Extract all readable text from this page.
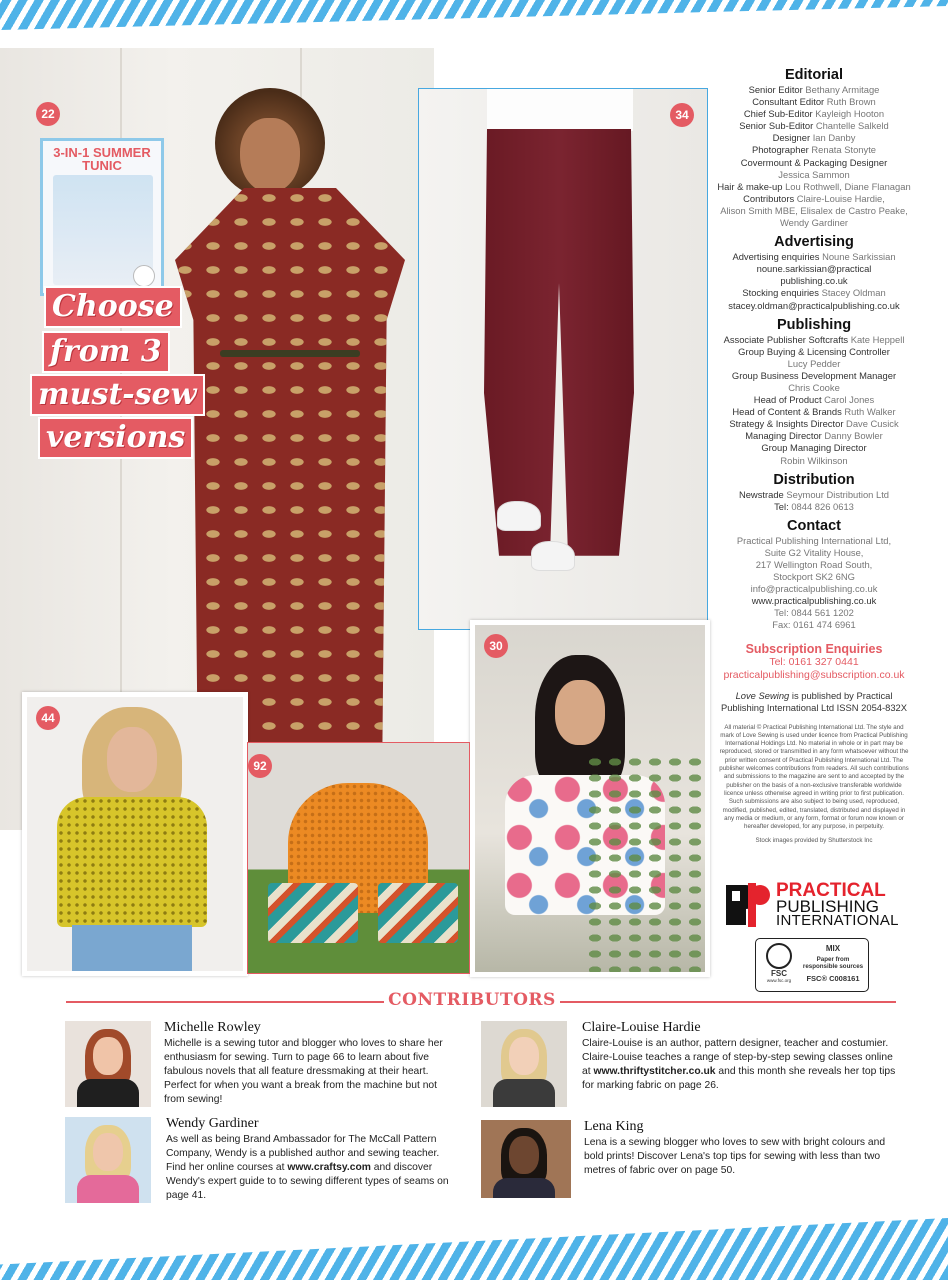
22
3-IN-1 SUMMER
TUNIC
Choose
from 3
must-sew
versions
34
30
44
92
Editorial
Senior Editor Bethany Armitage
Consultant Editor Ruth Brown
Chief Sub-Editor Kayleigh Hooton
Senior Sub-Editor Chantelle Salkeld
Designer Ian Danby
Photographer Renata Stonyte
Covermount & Packaging Designer
Jessica Sammon
Hair & make-up Lou Rothwell, Diane Flanagan
Contributors Claire-Louise Hardie,
Alison Smith MBE, Elisalex de Castro Peake,
Wendy Gardiner
Advertising
Advertising enquiries Noune Sarkissian
noune.sarkissian@practical
publishing.co.uk
Stocking enquiries Stacey Oldman
stacey.oldman@practicalpublishing.co.uk
Publishing
Associate Publisher Softcrafts Kate Heppell
Group Buying & Licensing Controller
Lucy Pedder
Group Business Development Manager
Chris Cooke
Head of Product Carol Jones
Head of Content & Brands Ruth Walker
Strategy & Insights Director Dave Cusick
Managing Director Danny Bowler
Group Managing Director
Robin Wilkinson
Distribution
Newstrade Seymour Distribution Ltd
Tel: 0844 826 0613
Contact
Practical Publishing International Ltd,
Suite G2 Vitality House,
217 Wellington Road South,
Stockport SK2 6NG
info@practicalpublishing.co.uk
www.practicalpublishing.co.uk
Tel: 0844 561 1202
Fax: 0161 474 6961
Subscription Enquiries
Tel: 0161 327 0441
practicalpublishing@subscription.co.uk
Love Sewing is published by Practical Publishing International Ltd ISSN 2054-832X
All material © Practical Publishing International Ltd. The style and mark of Love Sewing is used under licence from Practical Publishing International Holdings Ltd. No material in whole or in part may be reproduced, stored or transmitted in any form whatsoever without the prior written consent of Practical Publishing International Ltd. The publisher welcomes contributions from readers. All such contributions and submissions to the magazine are sent to and accepted by the publisher on the basis of a non-exclusive transferable worldwide licence unless otherwise agreed in writing prior to first publication. Such submissions are also subject to being used, reproduced, modified, published, edited, translated, distributed and displayed in any media or medium, or any form, format or forum now known or hereafter developed, for any purpose, in perpetuity.
Stock images provided by Shutterstock Inc
PRACTICAL
PUBLISHING
INTERNATIONAL
FSC
www.fsc.org
MIX
Paper from responsible sources
FSC® C008161
CONTRIBUTORS
Michelle Rowley
Michelle is a sewing tutor and blogger who loves to share her enthusiasm for sewing. Turn to page 66 to learn about five fabulous novels that all feature dressmaking at their heart. Perfect for when you want a break from the machine but not from sewing!
Claire-Louise Hardie
Claire-Louise is an author, pattern designer, teacher and costumier. Claire-Louise teaches a range of step-by-step sewing classes online at www.thriftystitcher.co.uk and this month she reveals her top tips for marking fabric on page 26.
Wendy Gardiner
As well as being Brand Ambassador for The McCall Pattern Company, Wendy is a published author and sewing teacher. Find her online courses at www.craftsy.com and discover Wendy's expert guide to to sewing different types of seams on page 41.
Lena King
Lena is a sewing blogger who loves to sew with bright colours and bold prints! Discover Lena's top tips for sewing with less than two metres of fabric over on page 50.
